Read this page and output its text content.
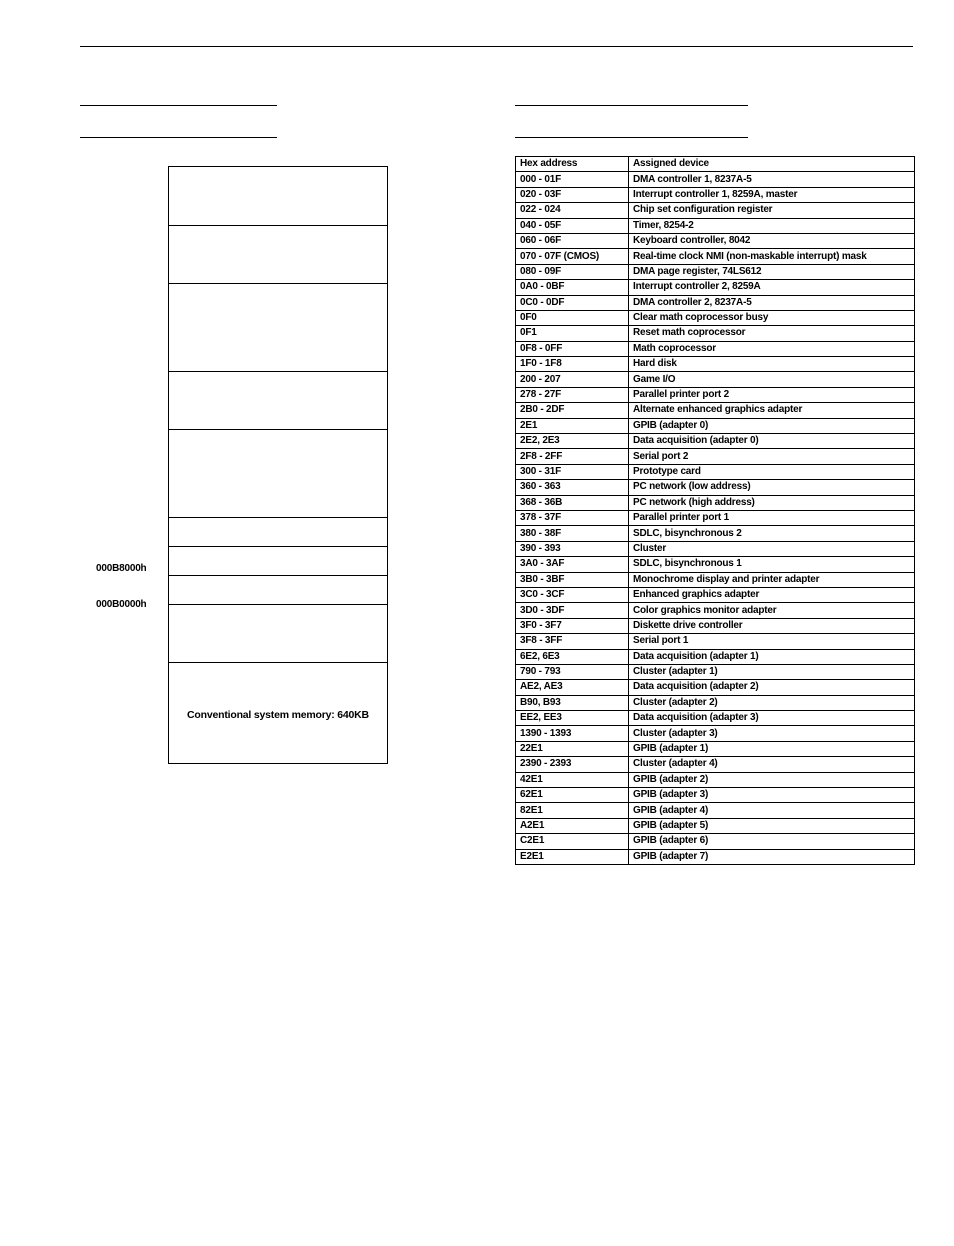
000B8000h
000B0000h
Conventional system memory: 640KB
Hex address	Assigned device
000 - 01F	DMA controller 1, 8237A-5
020 - 03F	Interrupt controller 1, 8259A, master
022 - 024	Chip set configuration register
040 - 05F	Timer, 8254-2
060 - 06F	Keyboard controller, 8042
070 - 07F (CMOS)	Real-time clock NMI (non-maskable interrupt) mask
080 - 09F	DMA page register, 74LS612
0A0 - 0BF	Interrupt controller 2, 8259A
0C0 - 0DF	DMA controller 2, 8237A-5
0F0	Clear math coprocessor busy
0F1	Reset math coprocessor
0F8 - 0FF	Math coprocessor
1F0 - 1F8	Hard disk
200 - 207	Game I/O
278 - 27F	Parallel printer port 2
2B0 - 2DF	Alternate enhanced graphics adapter
2E1	GPIB (adapter 0)
2E2, 2E3	Data acquisition (adapter 0)
2F8 - 2FF	Serial port 2
300 - 31F	Prototype card
360 - 363	PC network (low address)
368 - 36B	PC network (high address)
378 - 37F	Parallel printer port 1
380 - 38F	SDLC, bisynchronous 2
390 - 393	Cluster
3A0 - 3AF	SDLC, bisynchronous 1
3B0 - 3BF	Monochrome display and printer adapter
3C0 - 3CF	Enhanced graphics adapter
3D0 - 3DF	Color graphics monitor adapter
3F0 - 3F7	Diskette drive controller
3F8 - 3FF	Serial port 1
6E2, 6E3	Data acquisition (adapter 1)
790 - 793	Cluster (adapter 1)
AE2, AE3	Data acquisition (adapter 2)
B90, B93	Cluster (adapter 2)
EE2, EE3	Data acquisition (adapter 3)
1390 - 1393	Cluster (adapter 3)
22E1	GPIB (adapter 1)
2390 - 2393	Cluster (adapter 4)
42E1	GPIB (adapter 2)
62E1	GPIB (adapter 3)
82E1	GPIB (adapter 4)
A2E1	GPIB (adapter 5)
C2E1	GPIB (adapter 6)
E2E1	GPIB (adapter 7)
